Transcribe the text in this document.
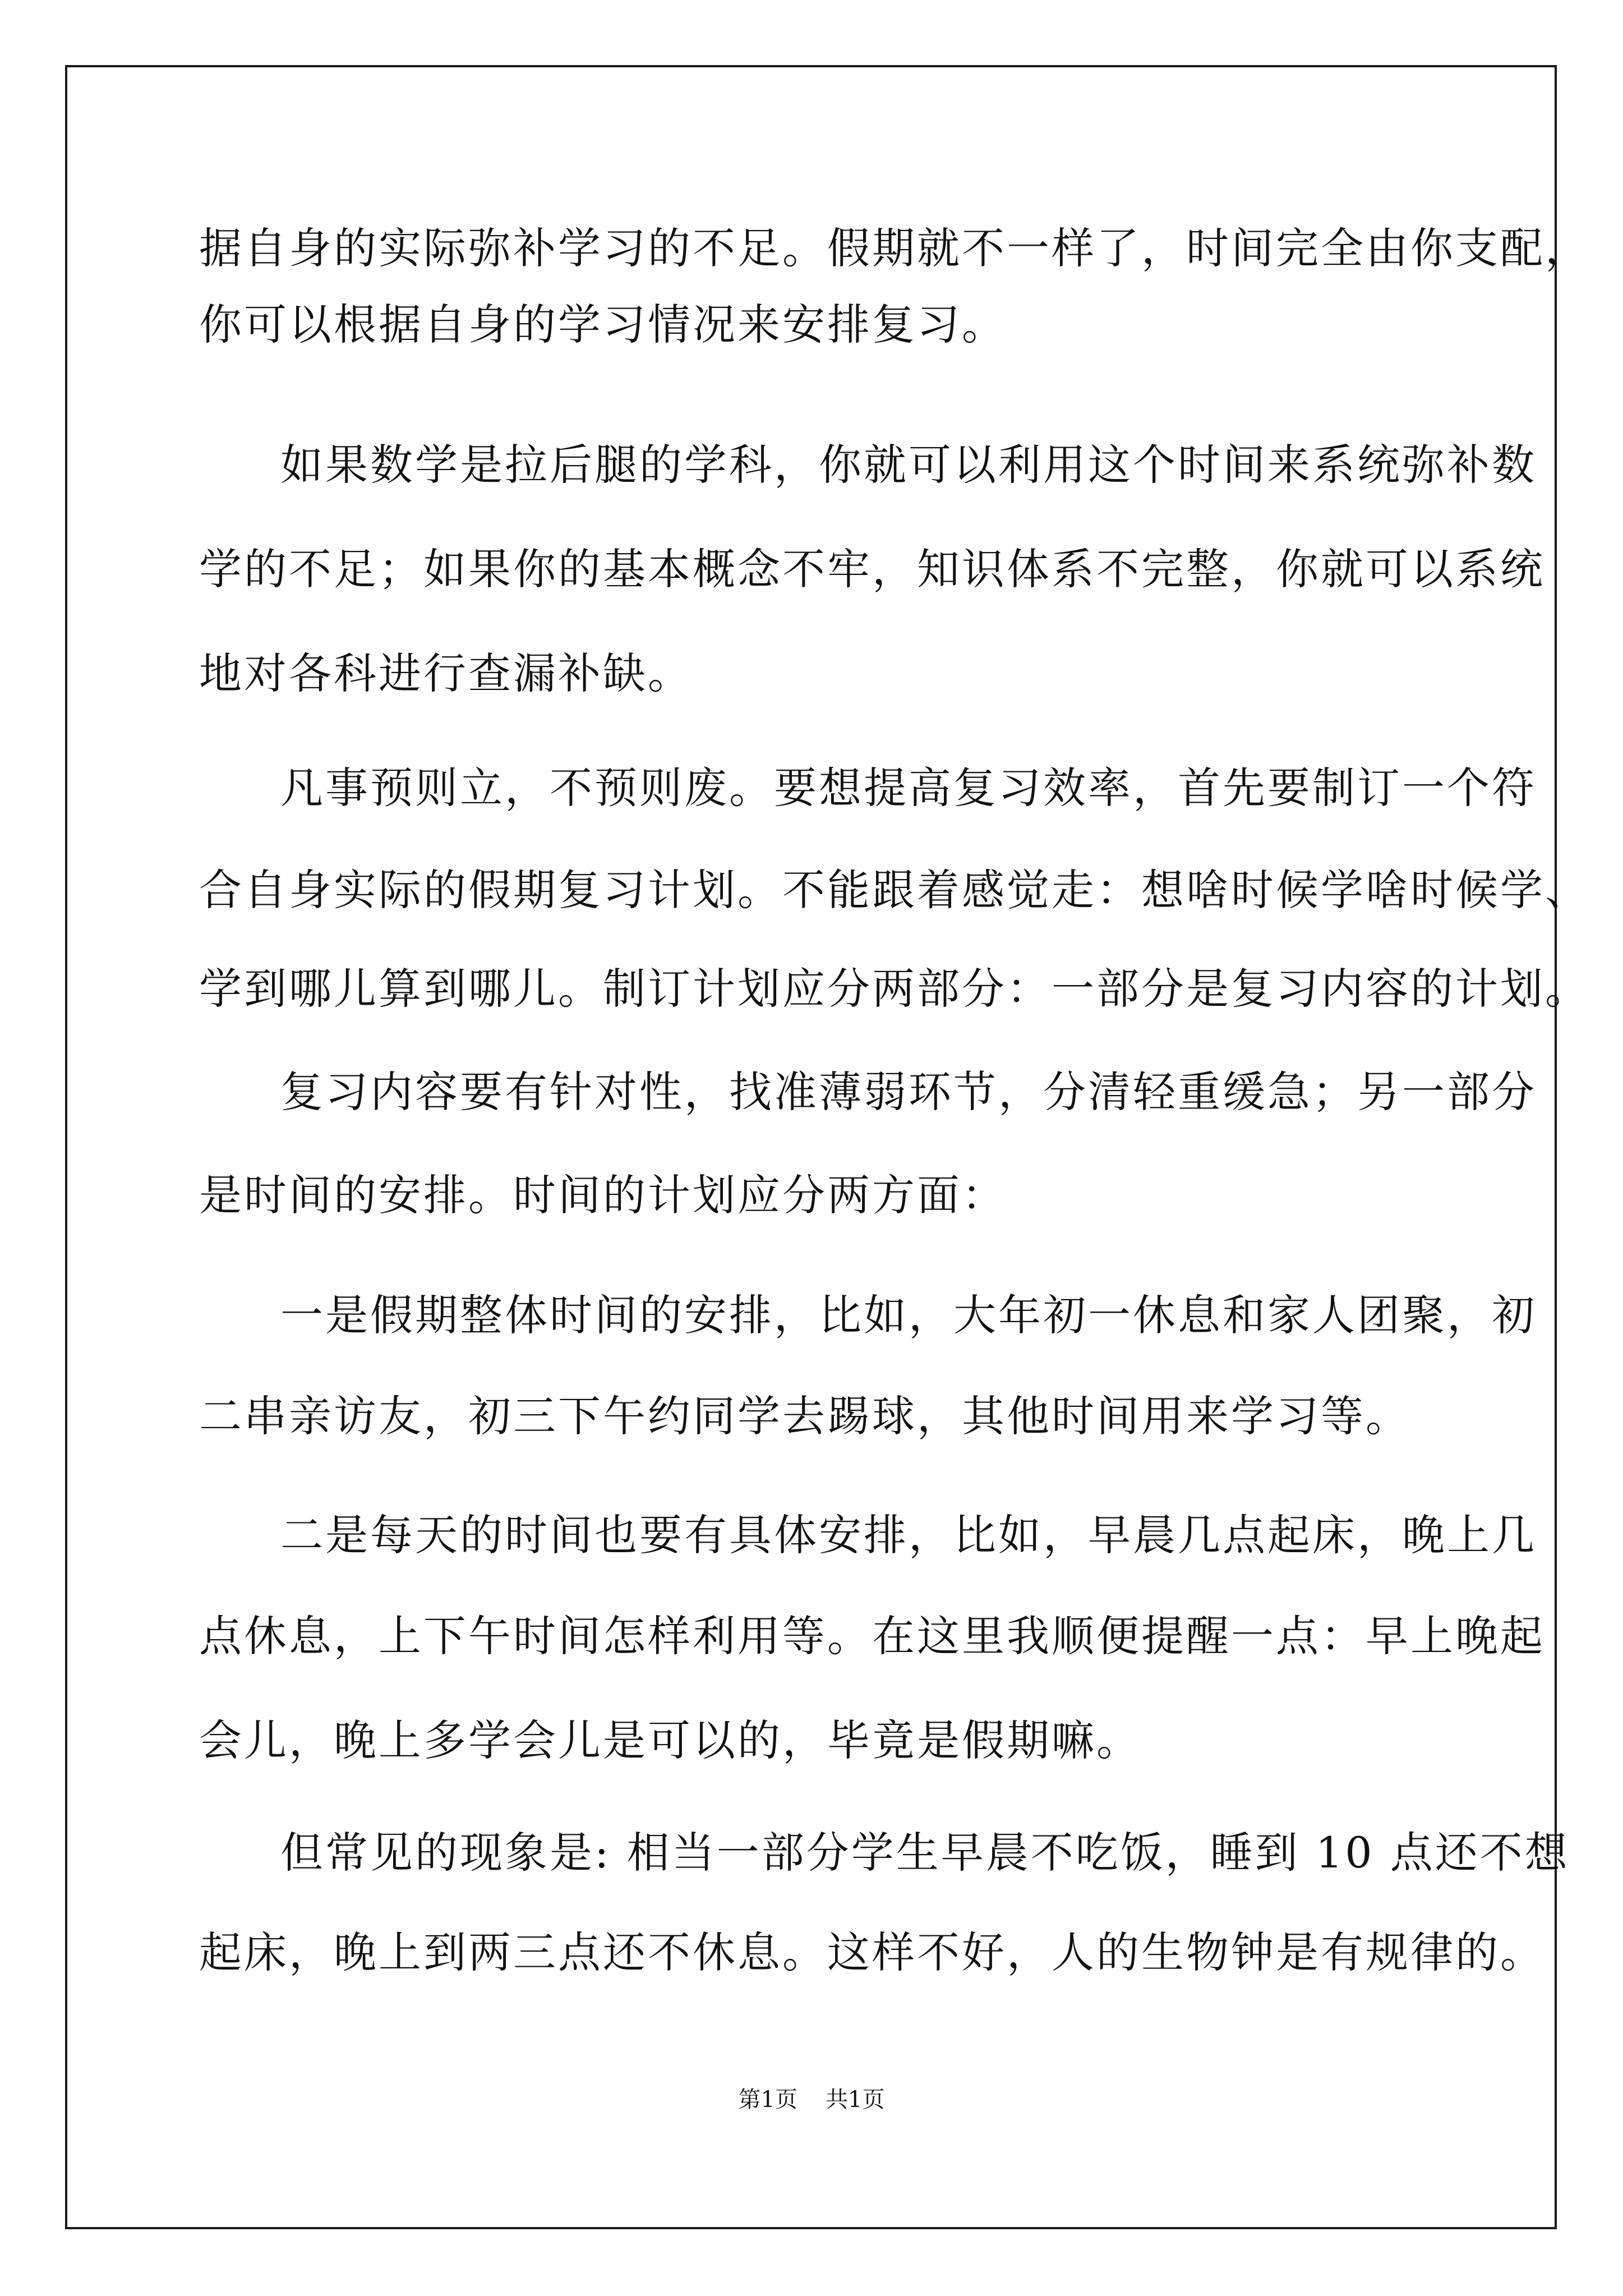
据自身的实际弥补学习的不足。假期就不一样了，时间完全由你支配，
你可以根据自身的学习情况来安排复习。
如果数学是拉后腿的学科，你就可以利用这个时间来系统弥补数
学的不足；如果你的基本概念不牢，知识体系不完整，你就可以系统
地对各科进行查漏补缺。
凡事预则立，不预则废。要想提高复习效率，首先要制订一个符
合自身实际的假期复习计划。不能跟着感觉走：想啥时候学啥时候学、
学到哪儿算到哪儿。制订计划应分两部分：一部分是复习内容的计划。
复习内容要有针对性，找准薄弱环节，分清轻重缓急；另一部分
是时间的安排。时间的计划应分两方面：
一是假期整体时间的安排，比如，大年初一休息和家人团聚，初
二串亲访友，初三下午约同学去踢球，其他时间用来学习等。
二是每天的时间也要有具体安排，比如，早晨几点起床，晚上几
点休息，上下午时间怎样利用等。在这里我顺便提醒一点：早上晚起
会儿，晚上多学会儿是可以的，毕竟是假期嘛。
但常见的现象是: 相当一部分学生早晨不吃饭，睡到 10 点还不想
起床，晚上到两三点还不休息。这样不好，人的生物钟是有规律的。
第1页 共1页
